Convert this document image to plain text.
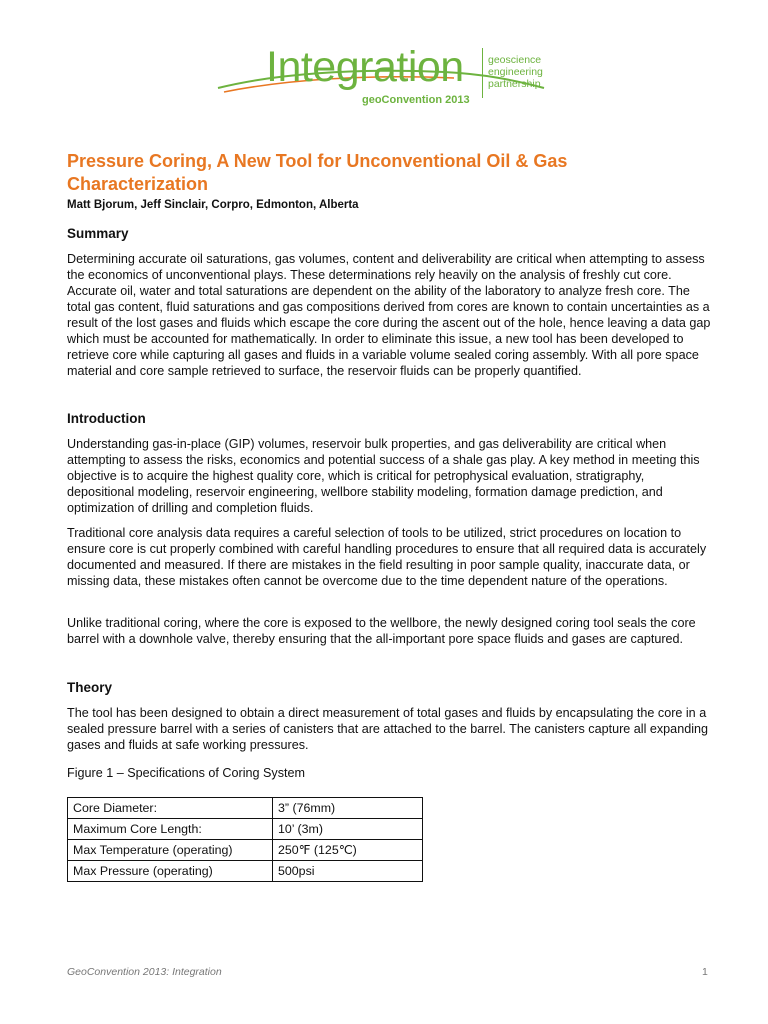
Integration
geoConvention 2013
geoscience
engineering
partnership
Pressure Coring, A New Tool for Unconventional Oil & Gas Characterization
Matt Bjorum, Jeff Sinclair, Corpro, Edmonton, Alberta
Summary

Determining accurate oil saturations, gas volumes, content and deliverability are critical when attempting to assess the economics of unconventional plays. These determinations rely heavily on the analysis of freshly cut core. Accurate oil, water and total saturations are dependent on the ability of the laboratory to analyze fresh core. The total gas content, fluid saturations and gas compositions derived from cores are known to contain uncertainties as a result of the lost gases and fluids which escape the core during the ascent out of the hole, hence leaving a data gap which must be accounted for mathematically. In order to eliminate this issue, a new tool has been developed to retrieve core while capturing all gases and fluids in a variable volume sealed coring assembly. With all pore space material and core sample retrieved to surface, the reservoir fluids can be properly quantified.

Introduction

Understanding gas-in-place (GIP) volumes, reservoir bulk properties, and gas deliverability are critical when attempting to assess the risks, economics and potential success of a shale gas play. A key method in meeting this objective is to acquire the highest quality core, which is critical for petrophysical evaluation, stratigraphy, depositional modeling, reservoir engineering, wellbore stability modeling, formation damage prediction, and optimization of drilling and completion fluids.

Traditional core analysis data requires a careful selection of tools to be utilized, strict procedures on location to ensure core is cut properly combined with careful handling procedures to ensure that all required data is accurately documented and measured. If there are mistakes in the field resulting in poor sample quality, inaccurate data, or missing data, these mistakes often cannot be overcome due to the time dependent nature of the operations.

Unlike traditional coring, where the core is exposed to the wellbore, the newly designed coring tool seals the core barrel with a downhole valve, thereby ensuring that the all-important pore space fluids and gases are captured.

Theory

The tool has been designed to obtain a direct measurement of total gases and fluids by encapsulating the core in a sealed pressure barrel with a series of canisters that are attached to the barrel. The canisters capture all expanding gases and fluids at safe working pressures.

Figure 1 – Specifications of Coring System
Core Diameter:	3” (76mm)
Maximum Core Length:	10’ (3m)
Max Temperature (operating)	250℉ (125℃)
Max Pressure (operating)	500psi
GeoConvention 2013: Integration	1
